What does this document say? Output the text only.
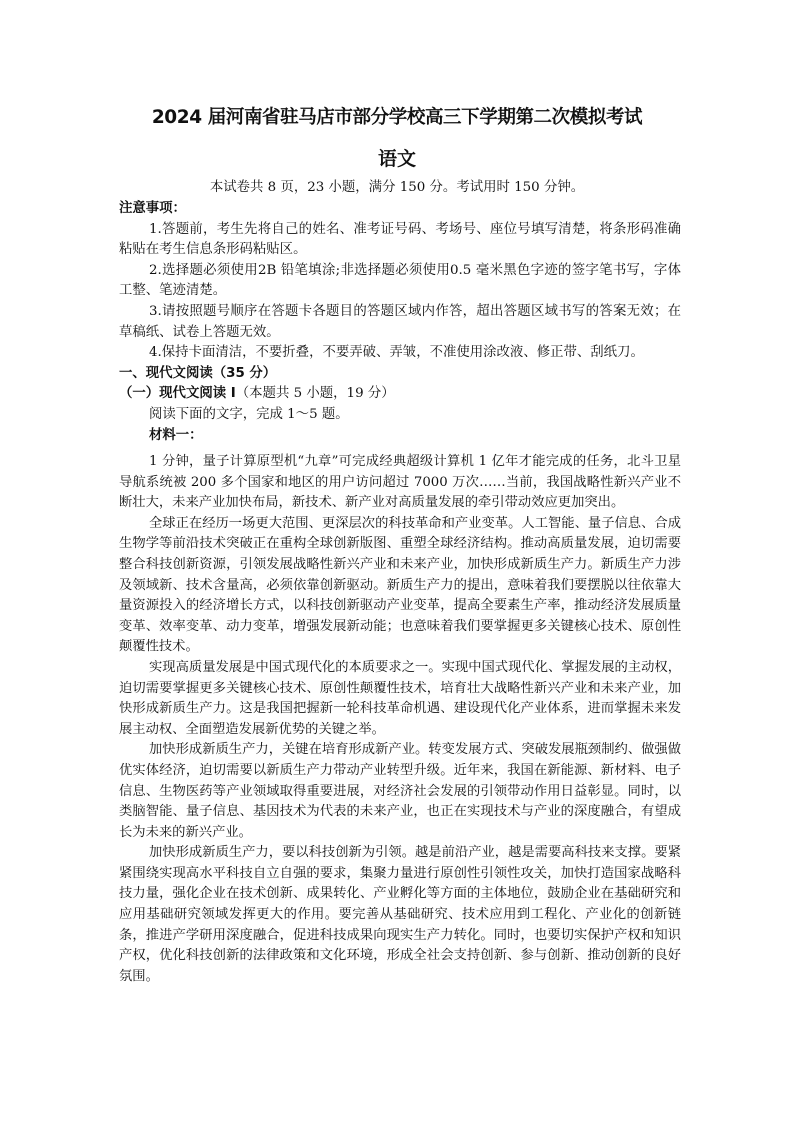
2024 届河南省驻马店市部分学校高三下学期第二次模拟考试
语文
本试卷共 8 页，23 小题，满分 150 分。考试用时 150 分钟。
注意事项：

1.答题前，考生先将自己的姓名、准考证号码、考场号、座位号填写清楚，将条形码准确粘贴在考生信息条形码粘贴区。

2.选择题必须使用2B 铅笔填涂;非选择题必须使用0.5 毫米黑色字迹的签字笔书写，字体工整、笔迹清楚。

3.请按照题号顺序在答题卡各题目的答题区域内作答，超出答题区域书写的答案无效；在草稿纸、试卷上答题无效。

4.保持卡面清洁，不要折叠，不要弄破、弄皱，不准使用涂改液、修正带、刮纸刀。

一、现代文阅读（35 分）

（一）现代文阅读 I（本题共 5 小题，19 分）

阅读下面的文字，完成 1～5 题。

材料一：

1 分钟，量子计算原型机“九章”可完成经典超级计算机 1 亿年才能完成的任务，北斗卫星导航系统被 200 多个国家和地区的用户访问超过 7000 万次……当前，我国战略性新兴产业不断壮大，未来产业加快布局，新技术、新产业对高质量发展的牵引带动效应更加突出。

全球正在经历一场更大范围、更深层次的科技革命和产业变革。人工智能、量子信息、合成生物学等前沿技术突破正在重构全球创新版图、重塑全球经济结构。推动高质量发展，迫切需要整合科技创新资源，引领发展战略性新兴产业和未来产业，加快形成新质生产力。新质生产力涉及领域新、技术含量高，必须依靠创新驱动。新质生产力的提出，意味着我们要摆脱以往依靠大量资源投入的经济增长方式，以科技创新驱动产业变革，提高全要素生产率，推动经济发展质量变革、效率变革、动力变革，增强发展新动能；也意味着我们要掌握更多关键核心技术、原创性颠覆性技术。

实现高质量发展是中国式现代化的本质要求之一。实现中国式现代化、掌握发展的主动权，迫切需要掌握更多关键核心技术、原创性颠覆性技术，培育壮大战略性新兴产业和未来产业，加快形成新质生产力。这是我国把握新一轮科技革命机遇、建设现代化产业体系，进而掌握未来发展主动权、全面塑造发展新优势的关键之举。

加快形成新质生产力，关键在培育形成新产业。转变发展方式、突破发展瓶颈制约、做强做优实体经济，迫切需要以新质生产力带动产业转型升级。近年来，我国在新能源、新材料、电子信息、生物医药等产业领域取得重要进展，对经济社会发展的引领带动作用日益彰显。同时，以类脑智能、量子信息、基因技术为代表的未来产业，也正在实现技术与产业的深度融合，有望成长为未来的新兴产业。

加快形成新质生产力，要以科技创新为引领。越是前沿产业，越是需要高科技来支撑。要紧紧围绕实现高水平科技自立自强的要求，集聚力量进行原创性引领性攻关，加快打造国家战略科技力量，强化企业在技术创新、成果转化、产业孵化等方面的主体地位，鼓励企业在基础研究和应用基础研究领域发挥更大的作用。要完善从基础研究、技术应用到工程化、产业化的创新链条，推进产学研用深度融合，促进科技成果向现实生产力转化。同时，也要切实保护产权和知识产权，优化科技创新的法律政策和文化环境，形成全社会支持创新、参与创新、推动创新的良好氛围。
